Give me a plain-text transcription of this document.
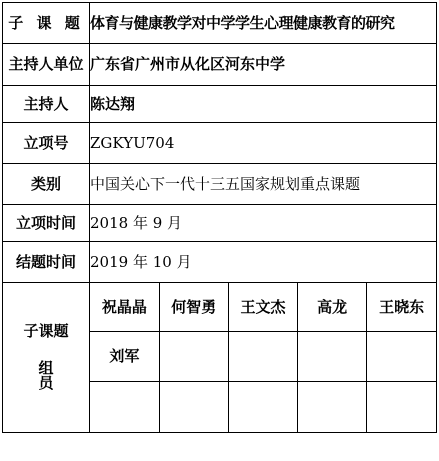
子 课 题	体育与健康教学对中学学生心理健康教育的研究
主持人单位	广东省广州市从化区河东中学
主持人	陈达翔
立项号	ZGKYU704
类别	中国关心下一代十三五国家规划重点课题
立项时间	2018 年 9 月
结题时间	2019 年 10 月

子课题
组 员

祝晶晶	何智勇	王文杰	高龙	王晓东
刘军				
